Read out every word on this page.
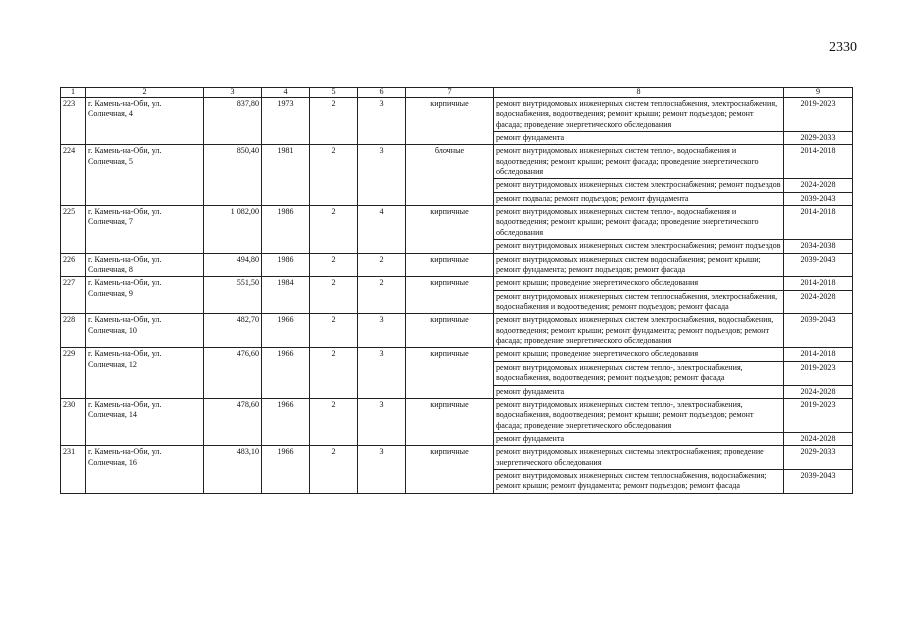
2330
1	2	3	4	5	6	7	8	9
223	г. Камень-на-Оби, ул. Солнечная, 4	837,80	1973	2	3	кирпичные	ремонт внутридомовых инженерных систем теплоснабжения, электроснабжения, водоснабжения, водоотведения; ремонт крыши; ремонт подъездов; ремонт фасада; проведение энергетического обследования	2019-2023
							ремонт фундамента	2029-2033
224	г. Камень-на-Оби, ул. Солнечная, 5	850,40	1981	2	3	блочные	ремонт внутридомовых инженерных систем тепло-, водоснабжения и водоотведения; ремонт крыши; ремонт фасада; проведение энергетического обследования	2014-2018
							ремонт внутридомовых инженерных систем электроснабжения; ремонт подъездов	2024-2028
							ремонт подвала; ремонт подъездов; ремонт фундамента	2039-2043
225	г. Камень-на-Оби, ул. Солнечная, 7	1 082,00	1986	2	4	кирпичные	ремонт внутридомовых инженерных систем тепло-, водоснабжения и водоотведения; ремонт крыши; ремонт фасада; проведение энергетического обследования	2014-2018
							ремонт внутридомовых инженерных систем электроснабжения; ремонт подъездов	2034-2038
226	г. Камень-на-Оби, ул. Солнечная, 8	494,80	1986	2	2	кирпичные	ремонт внутридомовых инженерных систем водоснабжения; ремонт крыши; ремонт фундамента; ремонт подъездов; ремонт фасада	2039-2043
227	г. Камень-на-Оби, ул. Солнечная, 9	551,50	1984	2	2	кирпичные	ремонт крыши; проведение энергетического обследования	2014-2018
							ремонт внутридомовых инженерных систем теплоснабжения, электроснабжения, водоснабжения и водоотведения; ремонт подъездов; ремонт фасада	2024-2028
228	г. Камень-на-Оби, ул. Солнечная, 10	482,70	1966	2	3	кирпичные	ремонт внутридомовых инженерных систем электроснабжения, водоснабжения, водоотведения; ремонт крыши; ремонт фундамента; ремонт подъездов; ремонт фасада; проведение энергетического обследования	2039-2043
229	г. Камень-на-Оби, ул. Солнечная, 12	476,60	1966	2	3	кирпичные	ремонт крыши; проведение энергетического обследования	2014-2018
							ремонт внутридомовых инженерных систем тепло-, электроснабжения, водоснабжения, водоотведения; ремонт подъездов; ремонт фасада	2019-2023
							ремонт фундамента	2024-2028
230	г. Камень-на-Оби, ул. Солнечная, 14	478,60	1966	2	3	кирпичные	ремонт внутридомовых инженерных систем тепло-, электроснабжения, водоснабжения, водоотведения; ремонт крыши; ремонт подъездов; ремонт фасада; проведение энергетического обследования	2019-2023
							ремонт фундамента	2024-2028
231	г. Камень-на-Оби, ул. Солнечная, 16	483,10	1966	2	3	кирпичные	ремонт внутридомовых инженерных системы электроснабжения; проведение энергетического обследования	2029-2033
							ремонт внутридомовых инженерных систем теплоснабжения, водоснабжения; ремонт крыши; ремонт фундамента; ремонт подъездов; ремонт фасада	2039-2043
